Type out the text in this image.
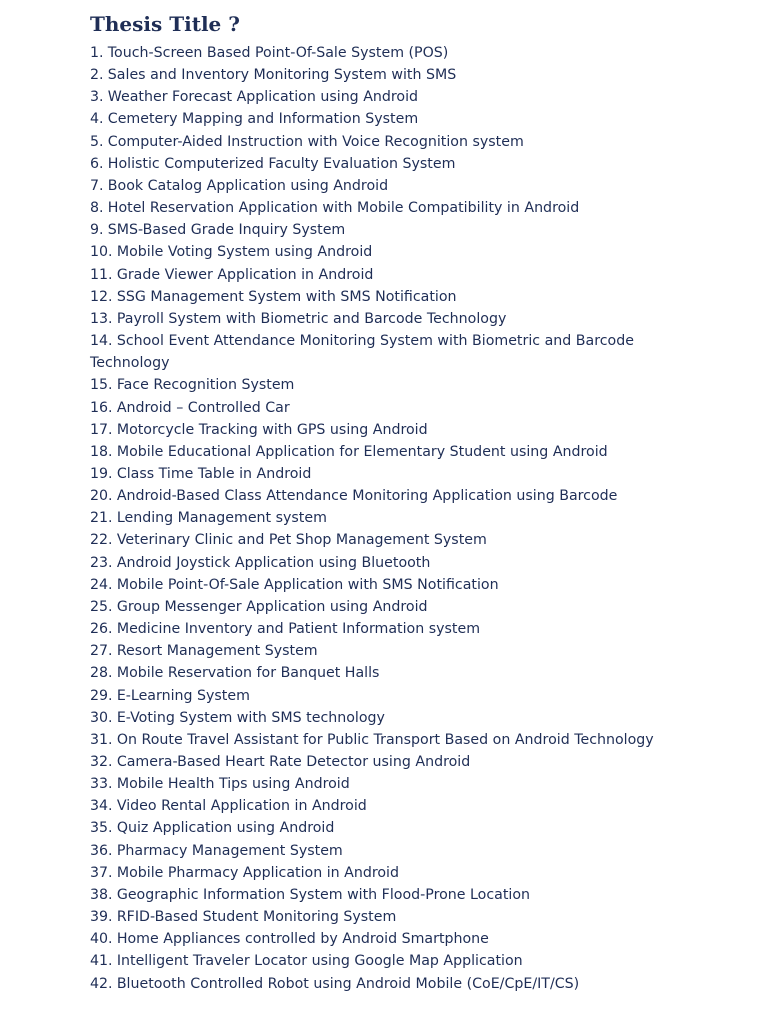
Thesis Title ?
1. Touch-Screen Based Point-Of-Sale System (POS)
2. Sales and Inventory Monitoring System with SMS
3. Weather Forecast Application using Android
4. Cemetery Mapping and Information System
5. Computer-Aided Instruction with Voice Recognition system
6. Holistic Computerized Faculty Evaluation System
7. Book Catalog Application using Android
8. Hotel Reservation Application with Mobile Compatibility in Android
9. SMS-Based Grade Inquiry System
10. Mobile Voting System using Android
11. Grade Viewer Application in Android
12. SSG Management System with SMS Notification
13. Payroll System with Biometric and Barcode Technology
14. School Event Attendance Monitoring System with Biometric and Barcode Technology
15. Face Recognition System
16. Android – Controlled Car
17. Motorcycle Tracking with GPS using Android
18. Mobile Educational Application for Elementary Student using Android
19. Class Time Table in Android
20. Android-Based Class Attendance Monitoring Application using Barcode
21. Lending Management system
22. Veterinary Clinic and Pet Shop Management System
23. Android Joystick Application using Bluetooth
24. Mobile Point-Of-Sale Application with SMS Notification
25. Group Messenger Application using Android
26. Medicine Inventory and Patient Information system
27. Resort Management System
28. Mobile Reservation for Banquet Halls
29. E-Learning System
30. E-Voting System with SMS technology
31. On Route Travel Assistant for Public Transport Based on Android Technology
32. Camera-Based Heart Rate Detector using Android
33. Mobile Health Tips using Android
34. Video Rental Application in Android
35. Quiz Application using Android
36. Pharmacy Management System
37. Mobile Pharmacy Application in Android
38. Geographic Information System with Flood-Prone Location
39. RFID-Based Student Monitoring System
40. Home Appliances controlled by Android Smartphone
41. Intelligent Traveler Locator using Google Map Application
42. Bluetooth Controlled Robot using Android Mobile (CoE/CpE/IT/CS)
